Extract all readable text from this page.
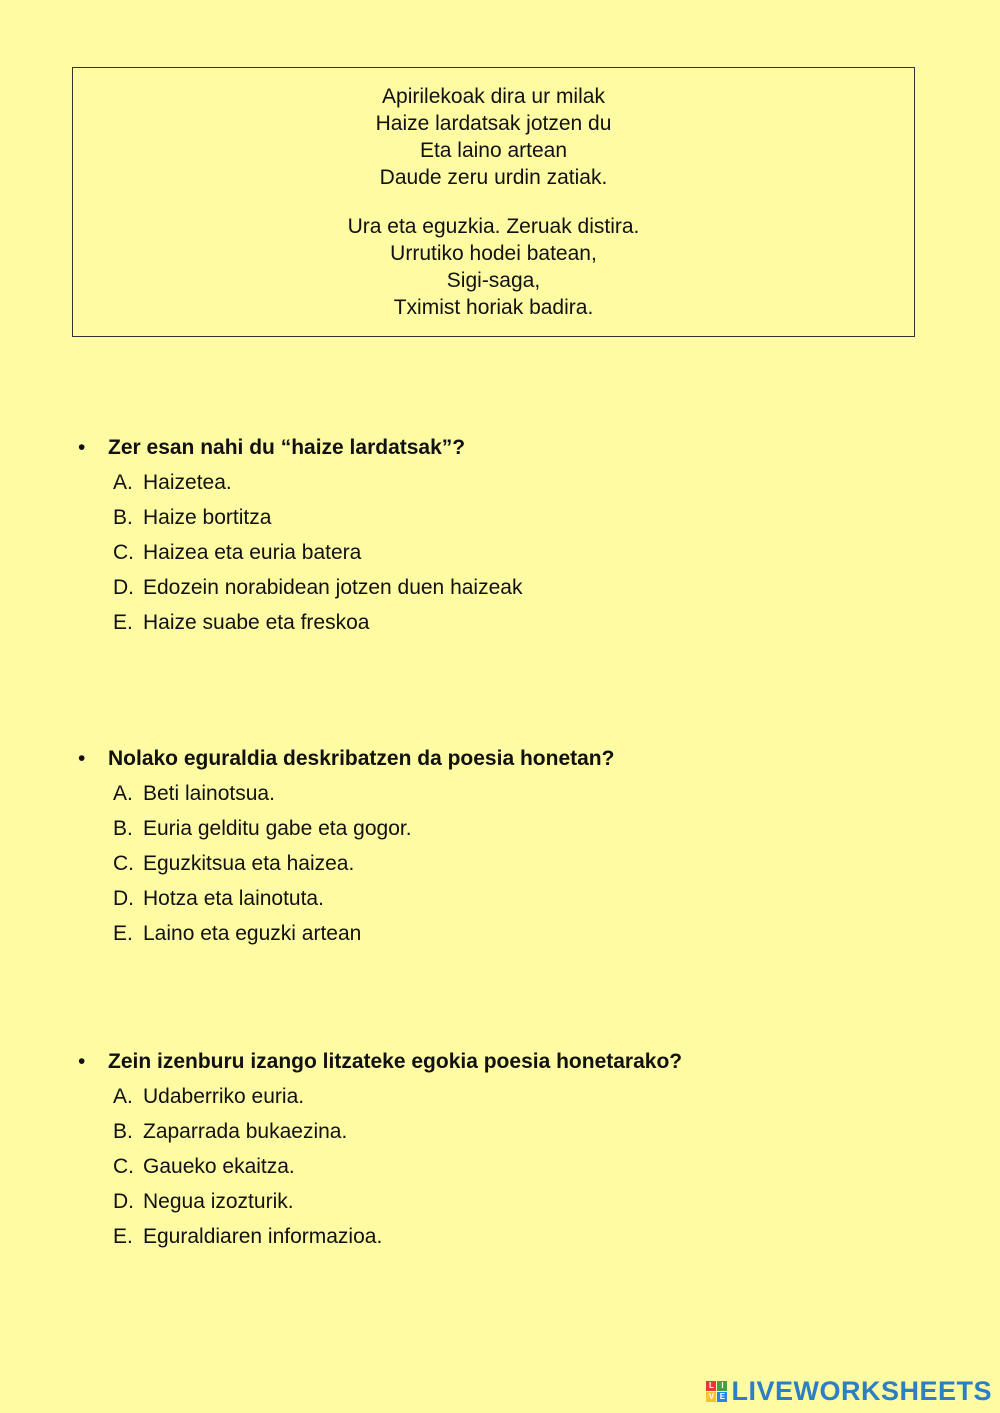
Apirilekoak dira ur milak
Haize lardatsak jotzen du
Eta laino artean
Daude zeru urdin zatiak.

Ura eta eguzkia. Zeruak distira.
Urrutiko hodei batean,
Sigi-saga,
Tximist horiak badira.

•	Zer esan nahi du “haize lardatsak”?
A. Haizetea.
B. Haize bortitza
C. Haizea eta euria batera
D. Edozein norabidean jotzen duen haizeak
E. Haize suabe eta freskoa
•	Nolako eguraldia deskribatzen da poesia honetan?
A. Beti lainotsua.
B. Euria gelditu gabe eta gogor.
C. Eguzkitsua eta haizea.
D. Hotza eta lainotuta.
E. Laino eta eguzki artean
•	Zein izenburu izango litzateke egokia poesia honetarako?
A. Udaberriko euria.
B. Zaparrada bukaezina.
C. Gaueko ekaitza.
D. Negua izozturik.
E. Eguraldiaren informazioa.
L I
V E LIVEWORKSHEETS
